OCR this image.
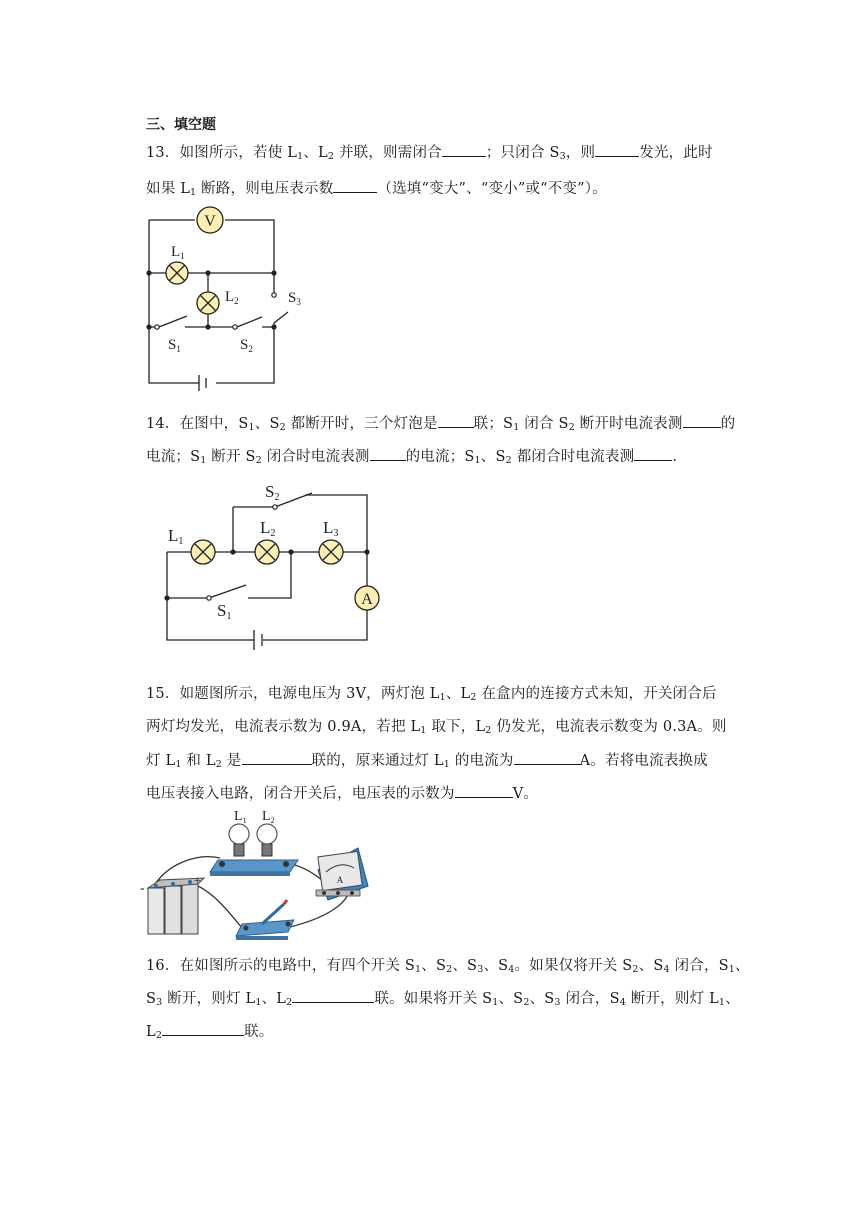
三、填空题
13．如图所示，若使 $L_1$、$L_2$ 并联，则需闭合	；只闭合 $S_3$，则	发光，此时
如果 $L_1$ 断路，则电压表示数	（选填“变大”、“变小”或“不变”）。
V
$L_1$
$L_2$	$S_3$
$S_1$	$S_2$
14．在图中，$S_1$、$S_2$ 都断开时，三个灯泡是 联；$S_1$ 闭合 $S_2$ 断开时电流表测	的
电流；$S_1$ 断开 $S_2$ 闭合时电流表测 的电流；$S_1$、$S_2$ 都闭合时电流表测	.
A
L1
L2	L3
S2
S1
15．如题图所示，电源电压为 3V，两灯泡 $L_1$、$L_2$ 在盒内的连接方式未知，开关闭合后
两灯均发光，电流表示数为 0.9A，若把 $L_1$ 取下，$L_2$ 仍发光，电流表示数变为 0.3A。则
灯 $L_1$ 和 $L_2$ 是	联的，原来通过灯 $L_1$ 的电流为	A。若将电流表换成
电压表接入电路，闭合开关后，电压表的示数为	V。
$L_1$ $L_2$
A
-
+
16．在如图所示的电路中，有四个开关 $S_1$、$S_2$、$S_3$、$S_4$。如果仅将开关 $S_2$、$S_4$ 闭合，$S_1$、
$S_3$ 断开，则灯 $L_1$、$L_2$	联。如果将开关 $S_1$、$S_2$、$S_3$ 闭合，$S_4$ 断开，则灯 $L_1$、
$L_2$	联。
